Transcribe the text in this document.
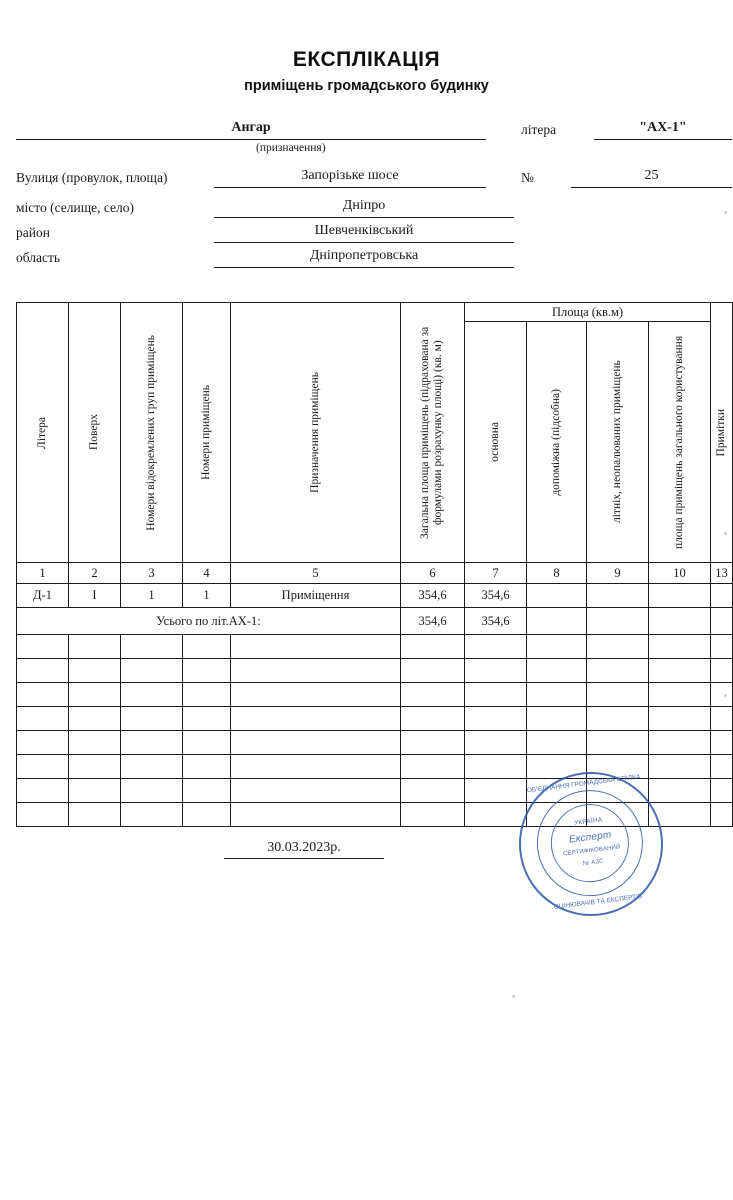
ЕКСПЛІКАЦІЯ
приміщень громадського будинку
Ангар	літера	"АХ-1"
(призначення)
Вулиця (провулок, площа)	Запорізьке шосе	№	25
місто (селище, село)	Дніпро
район	Шевченківський
область	Дніпропетровська
Літера	Поверх	Номери відокремлених груп приміщень	Номери приміщень	Призначення приміщень	Загальна площа приміщень (підрахована за формулами розрахунку площі) (кв. м)	Площа (кв.м)				Примітки

						основна	допоміжна (підсобна)	літніх, неопалюваних приміщень	площа приміщень загального користування	

1	2	3	4	5	6	7	8	9	10	13
Д-1	I	1	1	Приміщення	354,6	354,6				
Усього по літ.АХ-1:					354,6	354,6				

30.03.2023р.
ОБ'ЄДНАННЯ ГРОМАДСЬКА СПІЛКА
УКРАЇНА
Експерт
СЕРТИФІКОВАНИЙ
№ АЗС
ОЦІНЮВАЧІВ ТА ЕКСПЕРТІВ
